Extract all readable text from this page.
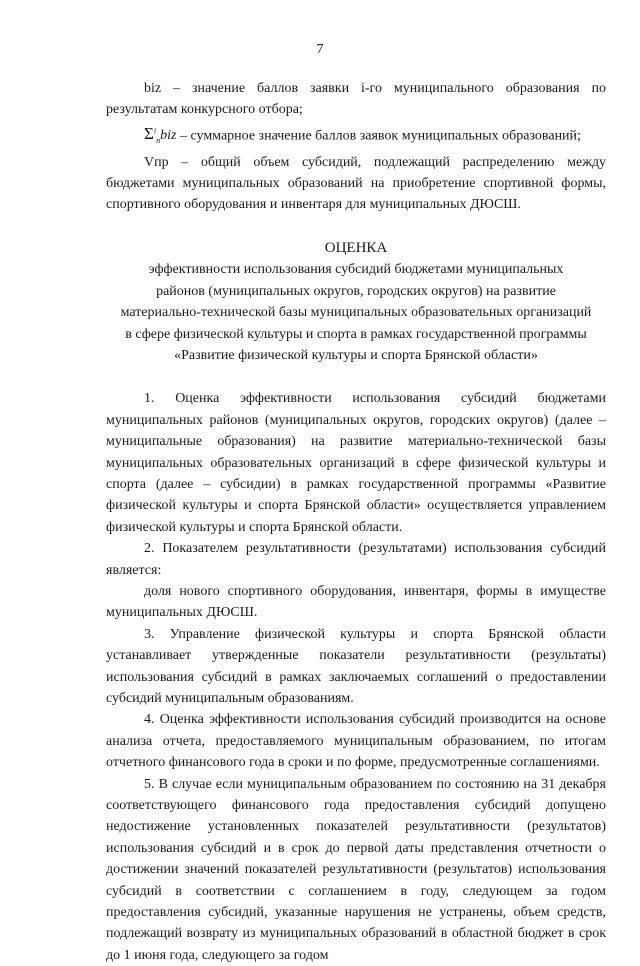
7

biz – значение баллов заявки i-го муниципального образования по результатам конкурсного отбора;

$\Sigma^i_nbiz$ – суммарное значение баллов заявок муниципальных образований;

Vпр – общий объем субсидий, подлежащий распределению между бюджетами муниципальных образований на приобретение спортивной формы, спортивного оборудования и инвентаря для муниципальных ДЮСШ.

ОЦЕНКА
эффективности использования субсидий бюджетами муниципальных
районов (муниципальных округов, городских округов) на развитие
материально-технической базы муниципальных образовательных организаций
в сфере физической культуры и спорта в рамках государственной программы
«Развитие физической культуры и спорта Брянской области»

1. Оценка эффективности использования субсидий бюджетами муниципальных районов (муниципальных округов, городских округов) (далее – муниципальные образования) на развитие материально-технической базы муниципальных образовательных организаций в сфере физической культуры и спорта (далее – субсидии) в рамках государственной программы «Развитие физической культуры и спорта Брянской области» осуществляется управлением физической культуры и спорта Брянской области.

2. Показателем результативности (результатами) использования субсидий является:

доля нового спортивного оборудования, инвентаря, формы в имуществе муниципальных ДЮСШ.

3. Управление физической культуры и спорта Брянской области устанавливает утвержденные показатели результативности (результаты) использования субсидий в рамках заключаемых соглашений о предоставлении субсидий муниципальным образованиям.

4. Оценка эффективности использования субсидий производится на основе анализа отчета, предоставляемого муниципальным образованием, по итогам отчетного финансового года в сроки и по форме, предусмотренные соглашениями.

5. В случае если муниципальным образованием по состоянию на 31 декабря соответствующего финансового года предоставления субсидий допущено недостижение установленных показателей результативности (результатов) использования субсидий и в срок до первой даты представления отчетности о достижении значений показателей результативности (результатов) использования субсидий в соответствии с соглашением в году, следующем за годом предоставления субсидий, указанные нарушения не устранены, объем средств, подлежащий возврату из муниципальных образований в областной бюджет в срок до 1 июня года, следующего за годом
